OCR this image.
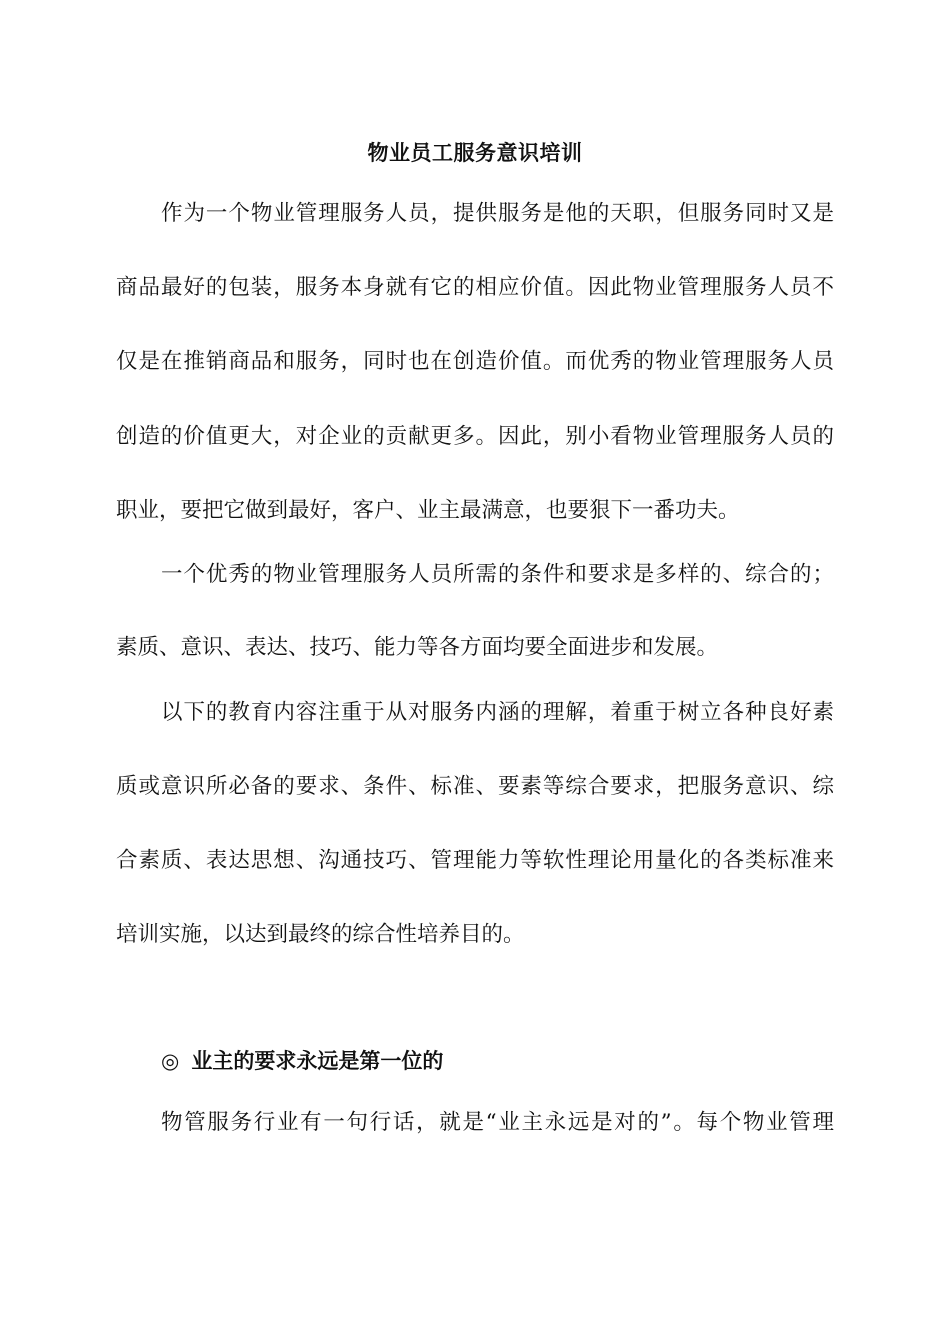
物业员工服务意识培训
作为一个物业管理服务人员，提供服务是他的天职，但服务同时又是
商品最好的包装，服务本身就有它的相应价值。因此物业管理服务人员不
仅是在推销商品和服务，同时也在创造价值。而优秀的物业管理服务人员
创造的价值更大，对企业的贡献更多。因此，别小看物业管理服务人员的
职业，要把它做到最好，客户、业主最满意，也要狠下一番功夫。
一个优秀的物业管理服务人员所需的条件和要求是多样的、综合的；
素质、意识、表达、技巧、能力等各方面均要全面进步和发展。
以下的教育内容注重于从对服务内涵的理解，着重于树立各种良好素
质或意识所必备的要求、条件、标准、要素等综合要求，把服务意识、综
合素质、表达思想、沟通技巧、管理能力等软性理论用量化的各类标准来
培训实施，以达到最终的综合性培养目的。
◎ 业主的要求永远是第一位的
物管服务行业有一句行话，就是“业主永远是对的”。每个物业管理
